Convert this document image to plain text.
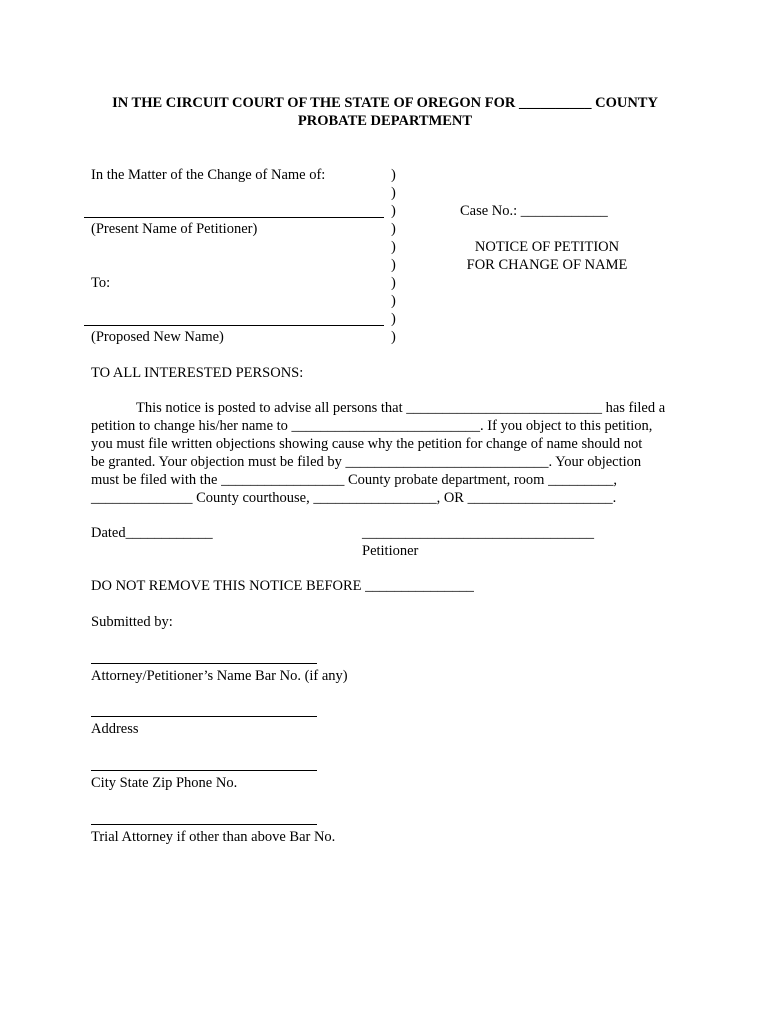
IN THE CIRCUIT COURT OF THE STATE OF OREGON FOR __________ COUNTY
PROBATE DEPARTMENT
In the Matter of the Change of Name of:	)
)
)
)
)
)
)
)
)
)
(Present Name of Petitioner)
To:
(Proposed New Name)
Case No.: ____________
NOTICE OF PETITION
FOR CHANGE OF NAME
TO ALL INTERESTED PERSONS:
This notice is posted to advise all persons that ___________________________ has filed a
petition to change his/her name to __________________________. If you object to this petition,
you must file written objections showing cause why the petition for change of name should not
be granted. Your objection must be filed by ____________________________. Your objection
must be filed with the _________________ County probate department, room _________,
______________ County courthouse, _________________, OR ____________________.
Dated____________	________________________________
Petitioner
DO NOT REMOVE THIS NOTICE BEFORE _______________
Submitted by:
Attorney/Petitioner’s Name Bar No. (if any)
Address
City State Zip Phone No.
Trial Attorney if other than above Bar No.
